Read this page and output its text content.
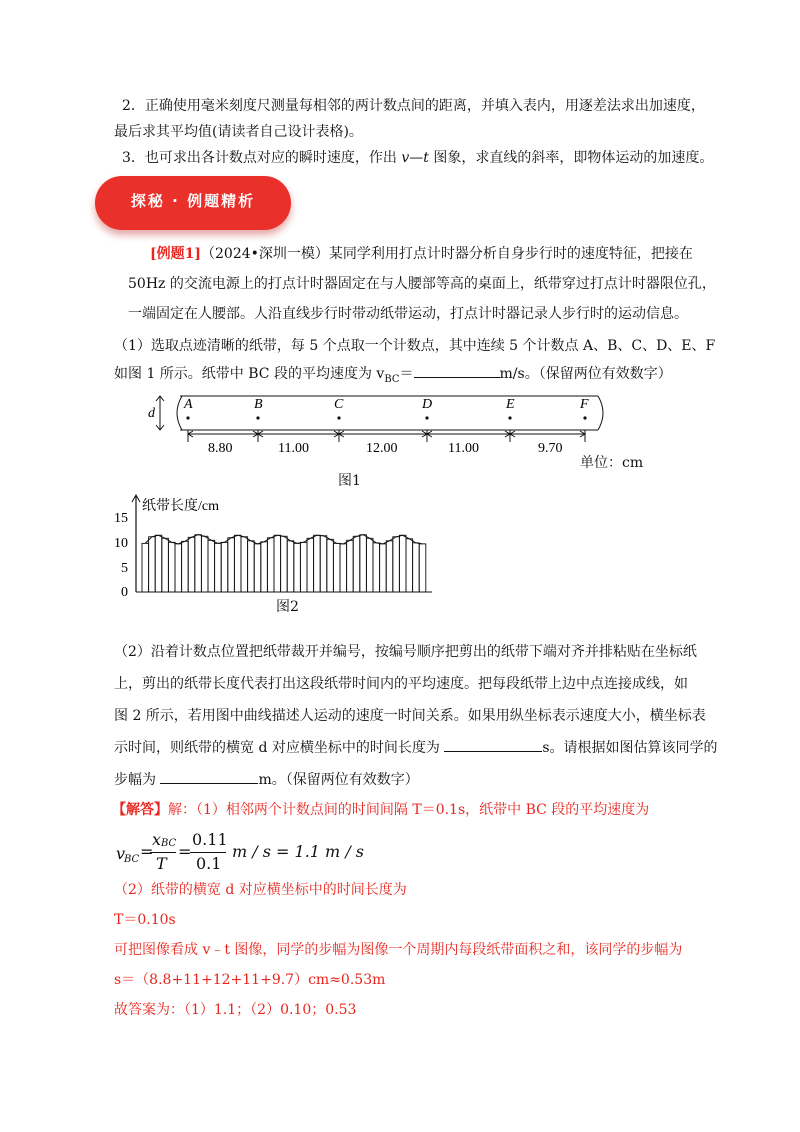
2．正确使用毫米刻度尺测量每相邻的两计数点间的距离，并填入表内，用逐差法求出加速度，
最后求其平均值(请读者自己设计表格)。
3．也可求出各计数点对应的瞬时速度，作出 v—t 图象，求直线的斜率，即物体运动的加速度。
探秘 · 例题精析
[例题1]（2024•深圳一模）某同学利用打点计时器分析自身步行时的速度特征，把接在
50Hz 的交流电源上的打点计时器固定在与人腰部等高的桌面上，纸带穿过打点计时器限位孔，
一端固定在人腰部。人沿直线步行时带动纸带运动，打点计时器记录人步行时的运动信息。
（1）选取点迹清晰的纸带，每 5 个点取一个计数点，其中连续 5 个计数点 A、B、C、D、E、F
如图 1 所示。纸带中 BC 段的平均速度为 $v_{BC}=$	m/s。（保留两位有效数字）
d
A	B	C	D	E	F
8.80	11.00	12.00	11.00	9.70
单位：cm
图1
纸带长度/cm
15
10
5
0
图2
（2）沿着计数点位置把纸带裁开并编号，按编号顺序把剪出的纸带下端对齐并排粘贴在坐标纸
上，剪出的纸带长度代表打出这段纸带时间内的平均速度。把每段纸带上边中点连接成线，如
图 2 所示，若用图中曲线描述人运动的速度一时间关系。如果用纵坐标表示速度大小，横坐标表
示时间，则纸带的横宽 d 对应横坐标中的时间长度为	s。请根据如图估算该同学的
步幅为	m。（保留两位有效数字）
【解答】解：（1）相邻两个计数点间的时间间隔 T＝0.1s，纸带中 BC 段的平均速度为
v
BC =
x BC
T
=
0.11
0.1
m / s = 1.1 m / s
（2）纸带的横宽 d 对应横坐标中的时间长度为
T＝0.10s
可把图像看成 v﹣t 图像，同学的步幅为图像一个周期内每段纸带面积之和，该同学的步幅为
s＝（8.8+11+12+11+9.7）cm≈0.53m
故答案为：（1）1.1；（2）0.10；0.53
